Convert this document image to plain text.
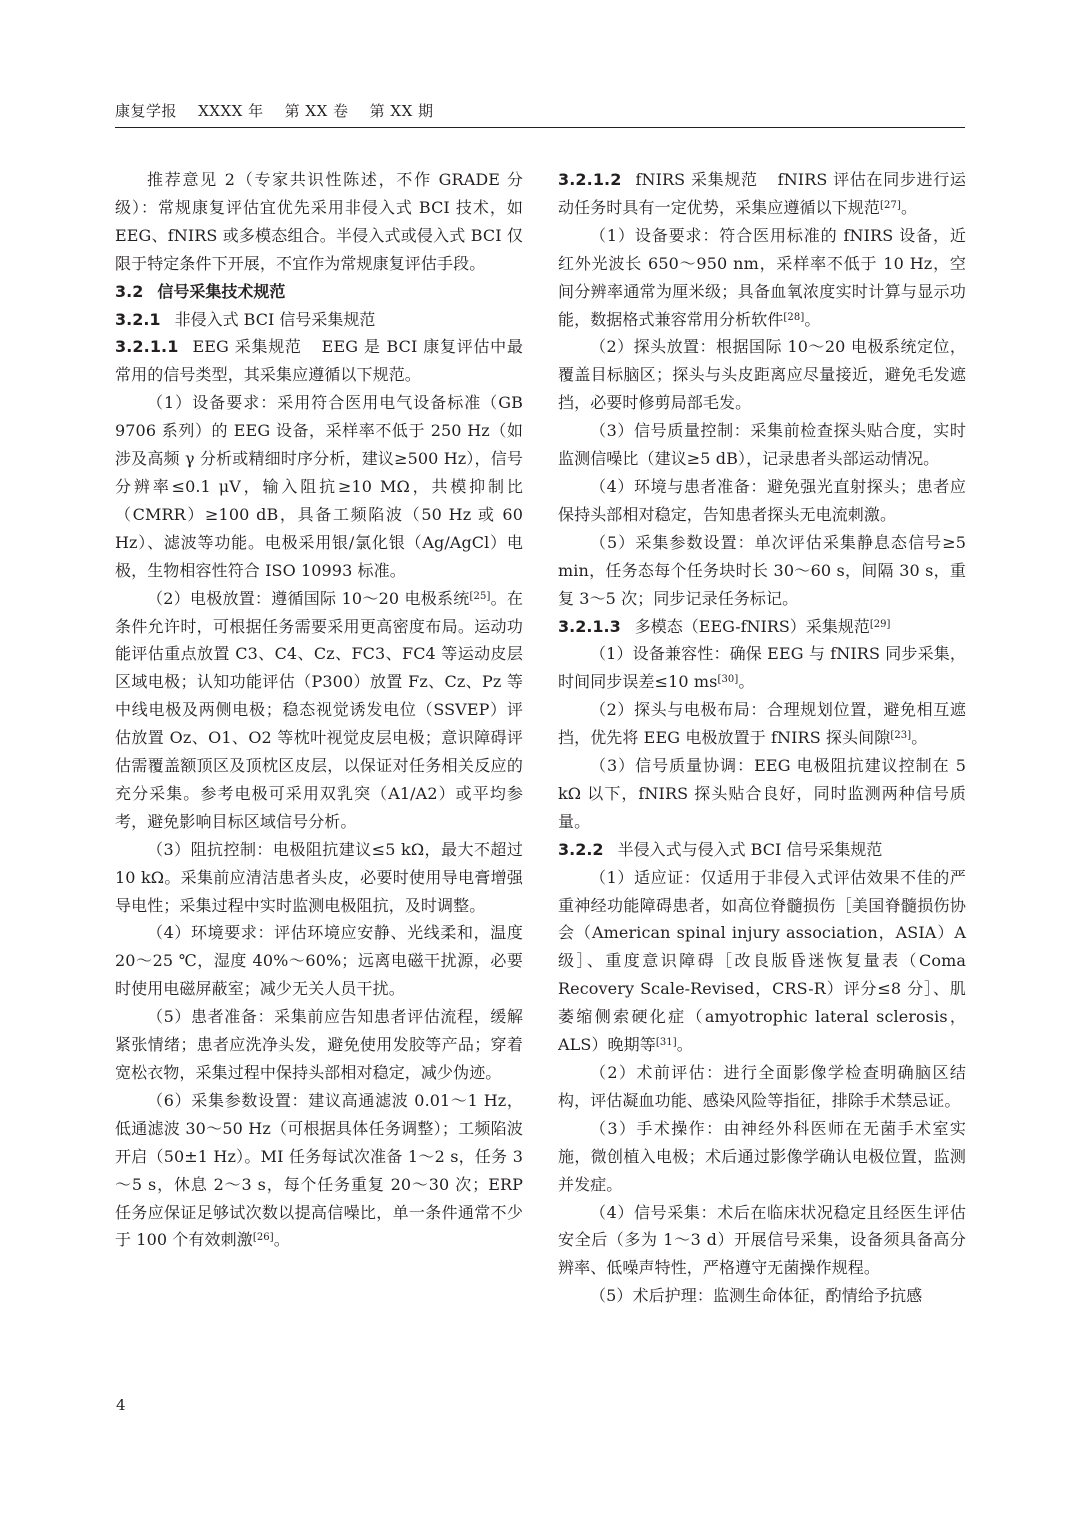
康复学报 XXXX 年 第 XX 卷 第 XX 期

推荐意见 2（专家共识性陈述，不作 GRADE 分级）：常规康复评估宜优先采用非侵入式 BCI 技术，如 EEG、fNIRS 或多模态组合。半侵入式或侵入式 BCI 仅限于特定条件下开展，不宜作为常规康复评估手段。

3.2 信号采集技术规范

3.2.1 非侵入式 BCI 信号采集规范

3.2.1.1 EEG 采集规范 EEG 是 BCI 康复评估中最常用的信号类型，其采集应遵循以下规范。

（1）设备要求：采用符合医用电气设备标准（GB 9706 系列）的 EEG 设备，采样率不低于 250 Hz（如涉及高频 γ 分析或精细时序分析，建议≥500 Hz），信号分辨率≤0.1 μV，输入阻抗≥10 MΩ，共模抑制比（CMRR）≥100 dB，具备工频陷波（50 Hz 或 60 Hz）、滤波等功能。电极采用银/氯化银（Ag/AgCl）电极，生物相容性符合 ISO 10993 标准。

（2）电极放置：遵循国际 10～20 电极系统[25]。在条件允许时，可根据任务需要采用更高密度布局。运动功能评估重点放置 C3、C4、Cz、FC3、FC4 等运动皮层区域电极；认知功能评估（P300）放置 Fz、Cz、Pz 等中线电极及两侧电极；稳态视觉诱发电位（SSVEP）评估放置 Oz、O1、O2 等枕叶视觉皮层电极；意识障碍评估需覆盖额顶区及顶枕区皮层，以保证对任务相关反应的充分采集。参考电极可采用双乳突（A1/A2）或平均参考，避免影响目标区域信号分析。

（3）阻抗控制：电极阻抗建议≤5 kΩ，最大不超过 10 kΩ。采集前应清洁患者头皮，必要时使用导电膏增强导电性；采集过程中实时监测电极阻抗，及时调整。

（4）环境要求：评估环境应安静、光线柔和，温度 20～25 ℃，湿度 40%～60%；远离电磁干扰源，必要时使用电磁屏蔽室；减少无关人员干扰。

（5）患者准备：采集前应告知患者评估流程，缓解紧张情绪；患者应洗净头发，避免使用发胶等产品；穿着宽松衣物，采集过程中保持头部相对稳定，减少伪迹。

（6）采集参数设置：建议高通滤波 0.01～1 Hz，低通滤波 30～50 Hz（可根据具体任务调整）；工频陷波开启（50±1 Hz）。MI 任务每试次准备 1～2 s，任务 3～5 s，休息 2～3 s，每个任务重复 20～30 次；ERP 任务应保证足够试次数以提高信噪比，单一条件通常不少于 100 个有效刺激[26]。

3.2.1.2 fNIRS 采集规范 fNIRS 评估在同步进行运动任务时具有一定优势，采集应遵循以下规范[27]。

（1）设备要求：符合医用标准的 fNIRS 设备，近红外光波长 650～950 nm，采样率不低于 10 Hz，空间分辨率通常为厘米级；具备血氧浓度实时计算与显示功能，数据格式兼容常用分析软件[28]。

（2）探头放置：根据国际 10～20 电极系统定位，覆盖目标脑区；探头与头皮距离应尽量接近，避免毛发遮挡，必要时修剪局部毛发。

（3）信号质量控制：采集前检查探头贴合度，实时监测信噪比（建议≥5 dB），记录患者头部运动情况。

（4）环境与患者准备：避免强光直射探头；患者应保持头部相对稳定，告知患者探头无电流刺激。

（5）采集参数设置：单次评估采集静息态信号≥5 min，任务态每个任务块时长 30～60 s，间隔 30 s，重复 3～5 次；同步记录任务标记。

3.2.1.3 多模态（EEG-fNIRS）采集规范[29]

（1）设备兼容性：确保 EEG 与 fNIRS 同步采集，时间同步误差≤10 ms[30]。

（2）探头与电极布局：合理规划位置，避免相互遮挡，优先将 EEG 电极放置于 fNIRS 探头间隙[23]。

（3）信号质量协调：EEG 电极阻抗建议控制在 5 kΩ 以下，fNIRS 探头贴合良好，同时监测两种信号质量。

3.2.2 半侵入式与侵入式 BCI 信号采集规范

（1）适应证：仅适用于非侵入式评估效果不佳的严重神经功能障碍患者，如高位脊髓损伤［美国脊髓损伤协会（American spinal injury association，ASIA）A 级］、重度意识障碍［改良版昏迷恢复量表（Coma Recovery Scale-Revised，CRS-R）评分≤8 分］、肌萎缩侧索硬化症（amyotrophic lateral sclerosis，ALS）晚期等[31]。

（2）术前评估：进行全面影像学检查明确脑区结构，评估凝血功能、感染风险等指征，排除手术禁忌证。

（3）手术操作：由神经外科医师在无菌手术室实施，微创植入电极；术后通过影像学确认电极位置，监测并发症。

（4）信号采集：术后在临床状况稳定且经医生评估安全后（多为 1～3 d）开展信号采集，设备须具备高分辨率、低噪声特性，严格遵守无菌操作规程。

（5）术后护理：监测生命体征，酌情给予抗感

4
